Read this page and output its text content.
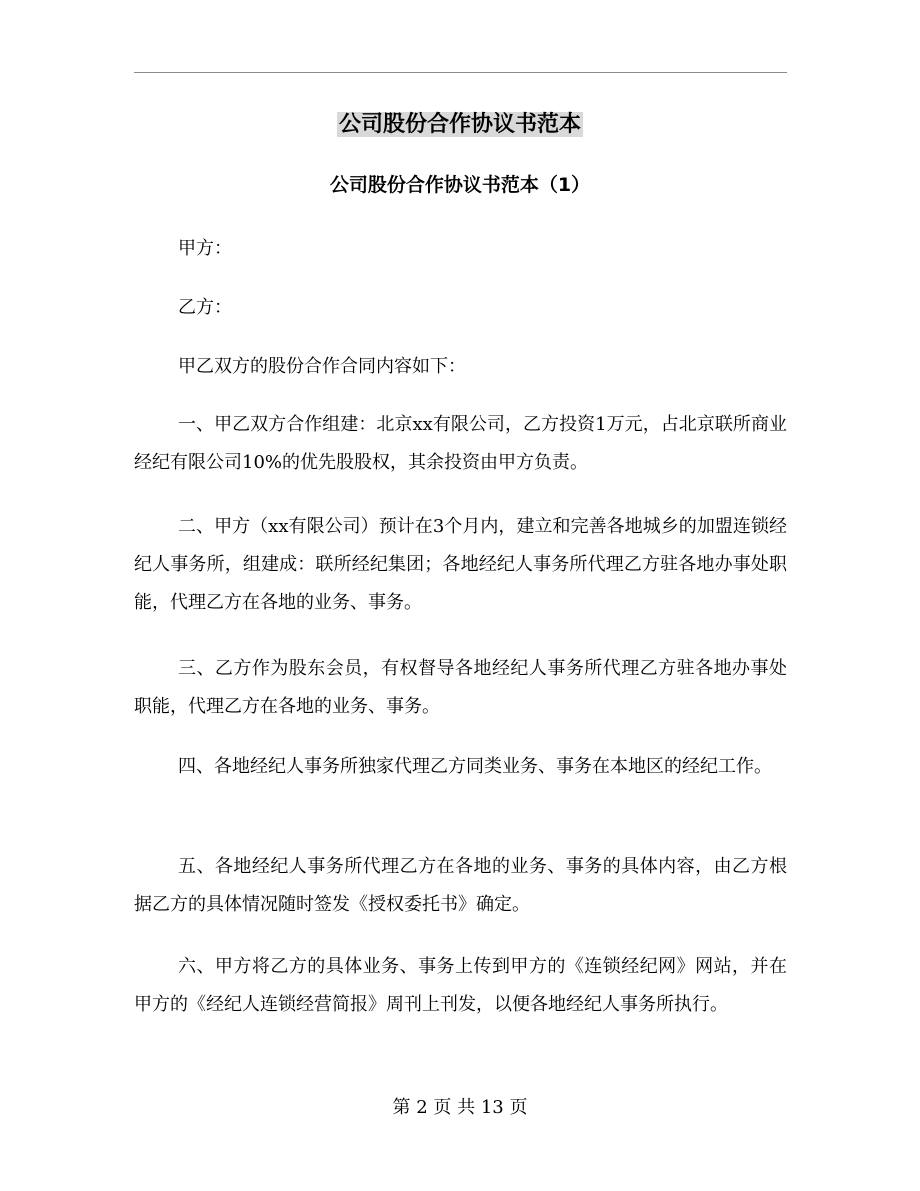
公司股份合作协议书范本
公司股份合作协议书范本（1）

甲方：

乙方：

甲乙双方的股份合作合同内容如下：

一、甲乙双方合作组建：北京xx有限公司，乙方投资1万元，占北京联所商业经纪有限公司10%的优先股股权，其余投资由甲方负责。

二、甲方（xx有限公司）预计在3个月内，建立和完善各地城乡的加盟连锁经纪人事务所，组建成：联所经纪集团；各地经纪人事务所代理乙方驻各地办事处职能，代理乙方在各地的业务、事务。

三、乙方作为股东会员，有权督导各地经纪人事务所代理乙方驻各地办事处职能，代理乙方在各地的业务、事务。

四、各地经纪人事务所独家代理乙方同类业务、事务在本地区的经纪工作。

五、各地经纪人事务所代理乙方在各地的业务、事务的具体内容，由乙方根据乙方的具体情况随时签发《授权委托书》确定。

六、甲方将乙方的具体业务、事务上传到甲方的《连锁经纪网》网站，并在甲方的《经纪人连锁经营简报》周刊上刊发，以便各地经纪人事务所执行。

第 2 页 共 13 页
